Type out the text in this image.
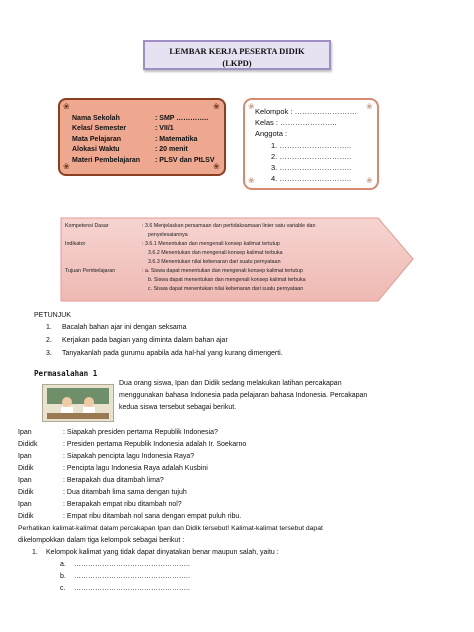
LEMBAR KERJA PESERTA DIDIK
(LKPD)
❀	❀
❀	❀
Nama Sekolah	: SMP …………..
Kelas/ Semester	: VII/1
Mata Pelajaran	: Matematika
Alokasi Waktu	: 20 menit
Materi Pembelajaran : PLSV dan PtLSV
❀	❀
❀	❀
Kelompok : …………………….
Kelas : …………………..
Anggota :
1. ………………………..
2. ………………………..
3. ………………………..
4. ………………………..
Kompetensi Dasar	: 3.6 Menjelaskan persamaan dan pertidaksamaan linier satu variable dan
penyelesaiannya
Indikator	: 3.6.1 Menentukan dan mengenali konsep kalimat tertutup
3.6.2 Menentukan dan mengenali konsep kalimat terbuka
3.6.3 Menentukan nilai kebenaran dari suatu pernyataan
Tujuan Pembelajaran	: a. Siswa dapat menentukan dan mengenali konsep kalimat tertutup
b. Siswa dapat menentukan dan mengenali konsep kalimat terbuka
c. Siswa dapat menentukan nilai kebenaran dari suatu pernyataan
PETUNJUK
1. Bacalah bahan ajar ini dengan seksama
2. Kerjakan pada bagian yang diminta dalam bahan ajar
3. Tanyakanlah pada gurumu apabila ada hal-hal yang kurang dimengerti.
Permasalahan 1
Dua orang siswa, Ipan dan Didik sedang melakukan latihan percakapan
menggunakan bahasa Indonesia pada pelajaran bahasa Indonesia. Percakapan
kedua siswa tersebut sebagai berikut.
Ipan	: Siapakah presiden pertama Republik Indonesia?
Dididk	: Presiden pertama Republik Indonesia adalah Ir. Soekarno
Ipan	: Siapakah pencipta lagu Indonesia Raya?
Didik	: Pencipta lagu Indonesia Raya adalah Kusbini
Ipan	: Berapakah dua ditambah lima?
Didik	: Dua ditambah lima sama dengan tujuh
Ipan	: Berapakah empat ribu ditambah nol?
Didik	: Empat ribu ditambah nol sana dengan empat puluh ribu.
Perhatikan kalimat-kalimat dalam percakapan Ipan dan Didik tersebut! Kalimat-kalimat tersebut dapat
dikelompokkan dalam tiga kelompok sebagai berikut :
1. Kelompok kalimat yang tidak dapat dinyatakan benar maupun salah, yaitu :
a. …………………………………………..
b. …………………………………………..
c. …………………………………………..
